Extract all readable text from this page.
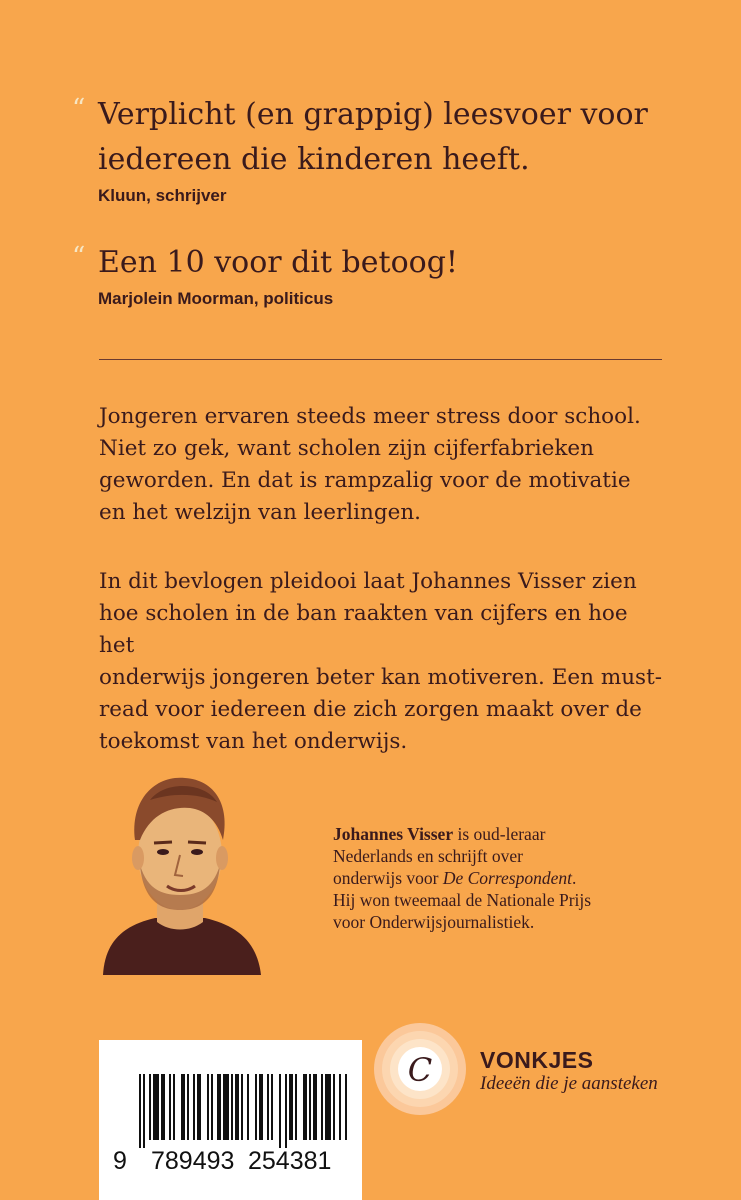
“ Verplicht (en grappig) leesvoer voor
iedereen die kinderen heeft.
Kluun, schrijver
“ Een 10 voor dit betoog!
Marjolein Moorman, politicus
Jongeren ervaren steeds meer stress door school.
Niet zo gek, want scholen zijn cijferfabrieken
geworden. En dat is rampzalig voor de motivatie
en het welzijn van leerlingen.
In dit bevlogen pleidooi laat Johannes Visser zien
hoe scholen in de ban raakten van cijfers en hoe het
onderwijs jongeren beter kan motiveren. Een must-
read voor iedereen die zich zorgen maakt over de
toekomst van het onderwijs.
Johannes Visser is oud-leraar
Nederlands en schrijft over
onderwijs voor De Correspondent.
Hij won tweemaal de Nationale Prijs
voor Onderwijsjournalistiek.
9 789493 254381
C VONKJES
Ideeën die je aansteken
